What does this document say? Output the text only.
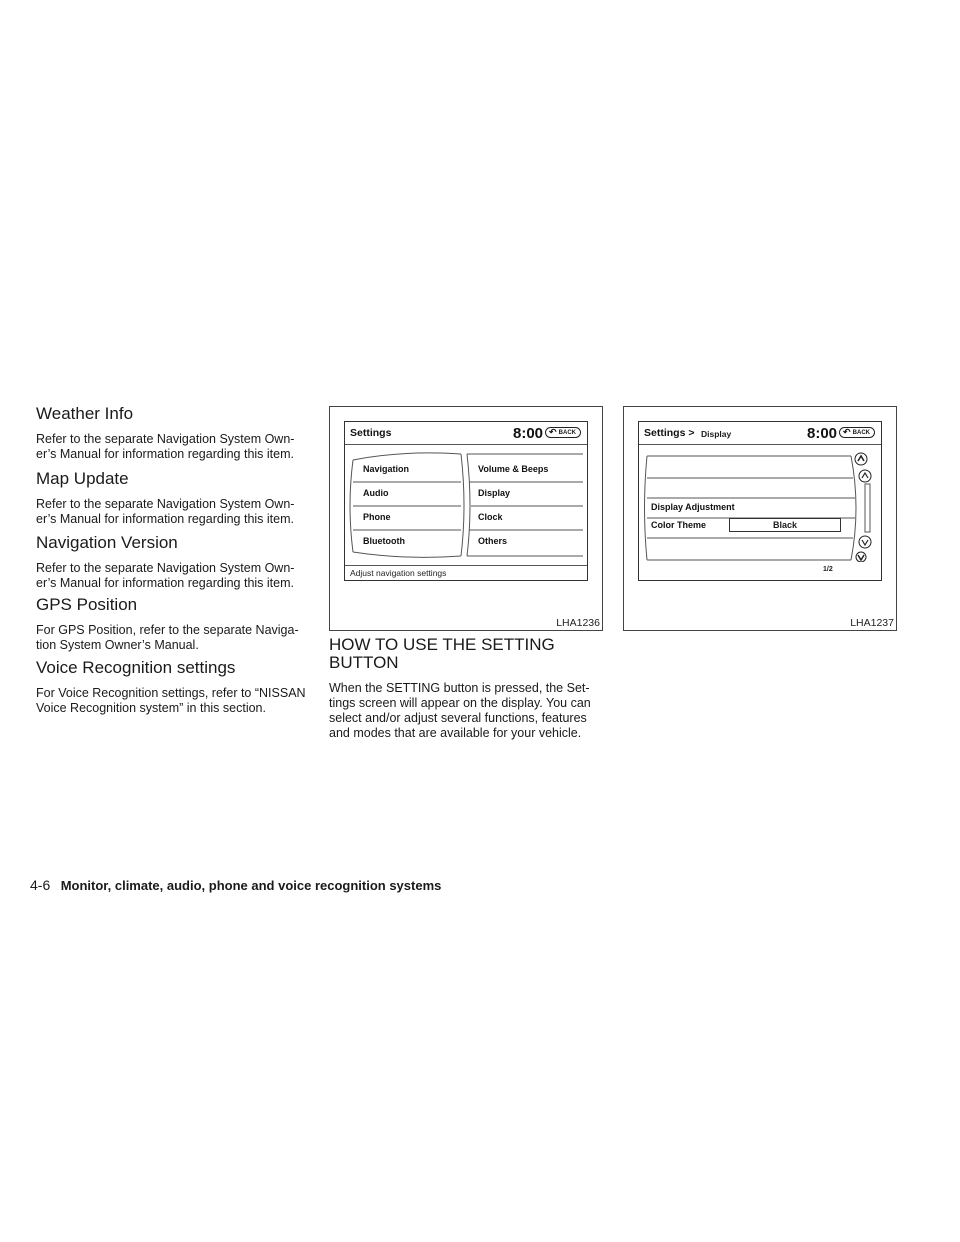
Weather Info
Refer to the separate Navigation System Own-er’s Manual for information regarding this item.
Map Update
Refer to the separate Navigation System Own-er’s Manual for information regarding this item.
Navigation Version
Refer to the separate Navigation System Own-er’s Manual for information regarding this item.
GPS Position
For GPS Position, refer to the separate Naviga-tion System Owner’s Manual.
Voice Recognition settings
For Voice Recognition settings, refer to “NISSAN Voice Recognition system” in this section.
Settings	8:00 ↶ BACK
Navigation
Audio
Phone
Bluetooth
Volume & Beeps
Display
Clock
Others
Adjust navigation settings
LHA1236
Settings > Display	8:00 ↶ BACK
Display Adjustment
Color Theme	Black
1/2
LHA1237
HOW TO USE THE SETTING
BUTTON
When the SETTING button is pressed, the Set-tings screen will appear on the display. You can select and/or adjust several functions, features and modes that are available for your vehicle.
4-6 Monitor, climate, audio, phone and voice recognition systems
